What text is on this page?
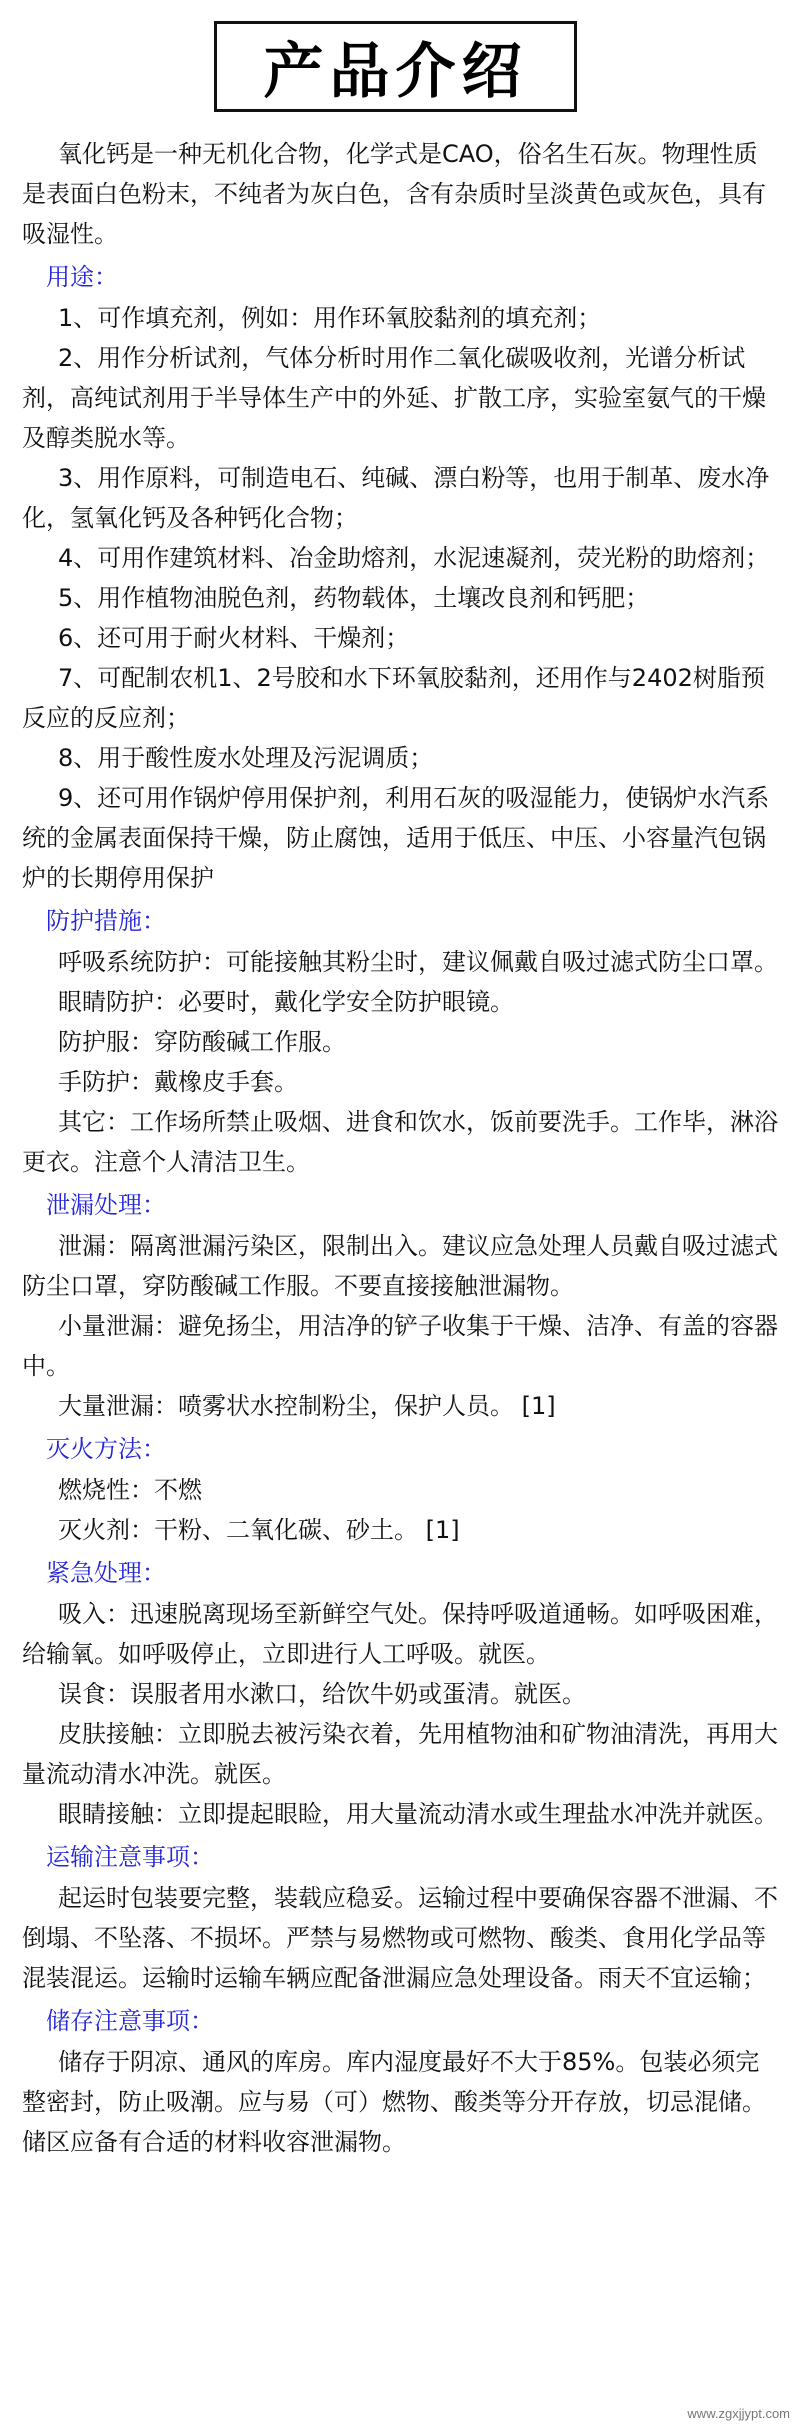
产品介绍

氧化钙是一种无机化合物，化学式是CAO，俗名生石灰。物理性质是表面白色粉末，不纯者为灰白色，含有杂质时呈淡黄色或灰色，具有吸湿性。

用途：

1、可作填充剂，例如：用作环氧胶黏剂的填充剂；

2、用作分析试剂，气体分析时用作二氧化碳吸收剂，光谱分析试剂，高纯试剂用于半导体生产中的外延、扩散工序，实验室氨气的干燥及醇类脱水等。

3、用作原料，可制造电石、纯碱、漂白粉等，也用于制革、废水净化，氢氧化钙及各种钙化合物；

4、可用作建筑材料、冶金助熔剂，水泥速凝剂，荧光粉的助熔剂；

5、用作植物油脱色剂，药物载体，土壤改良剂和钙肥；

6、还可用于耐火材料、干燥剂；

7、可配制农机1、2号胶和水下环氧胶黏剂，还用作与2402树脂预反应的反应剂；

8、用于酸性废水处理及污泥调质；

9、还可用作锅炉停用保护剂，利用石灰的吸湿能力，使锅炉水汽系统的金属表面保持干燥，防止腐蚀，适用于低压、中压、小容量汽包锅炉的长期停用保护

防护措施：

呼吸系统防护：可能接触其粉尘时，建议佩戴自吸过滤式防尘口罩。

眼睛防护：必要时，戴化学安全防护眼镜。

防护服：穿防酸碱工作服。

手防护：戴橡皮手套。

其它：工作场所禁止吸烟、进食和饮水，饭前要洗手。工作毕，淋浴更衣。注意个人清洁卫生。

泄漏处理：

泄漏：隔离泄漏污染区，限制出入。建议应急处理人员戴自吸过滤式防尘口罩，穿防酸碱工作服。不要直接接触泄漏物。

小量泄漏：避免扬尘，用洁净的铲子收集于干燥、洁净、有盖的容器中。

大量泄漏：喷雾状水控制粉尘，保护人员。 [1]

灭火方法：

燃烧性：不燃

灭火剂：干粉、二氧化碳、砂土。 [1]

紧急处理：

吸入：迅速脱离现场至新鲜空气处。保持呼吸道通畅。如呼吸困难，给输氧。如呼吸停止，立即进行人工呼吸。就医。

误食：误服者用水漱口，给饮牛奶或蛋清。就医。

皮肤接触：立即脱去被污染衣着，先用植物油和矿物油清洗，再用大量流动清水冲洗。就医。

眼睛接触：立即提起眼睑，用大量流动清水或生理盐水冲洗并就医。

运输注意事项：

起运时包装要完整，装载应稳妥。运输过程中要确保容器不泄漏、不倒塌、不坠落、不损坏。严禁与易燃物或可燃物、酸类、食用化学品等混装混运。运输时运输车辆应配备泄漏应急处理设备。雨天不宜运输；

储存注意事项：

储存于阴凉、通风的库房。库内湿度最好不大于85%。包装必须完整密封，防止吸潮。应与易（可）燃物、酸类等分开存放，切忌混储。储区应备有合适的材料收容泄漏物。

www.zgxjjypt.com
